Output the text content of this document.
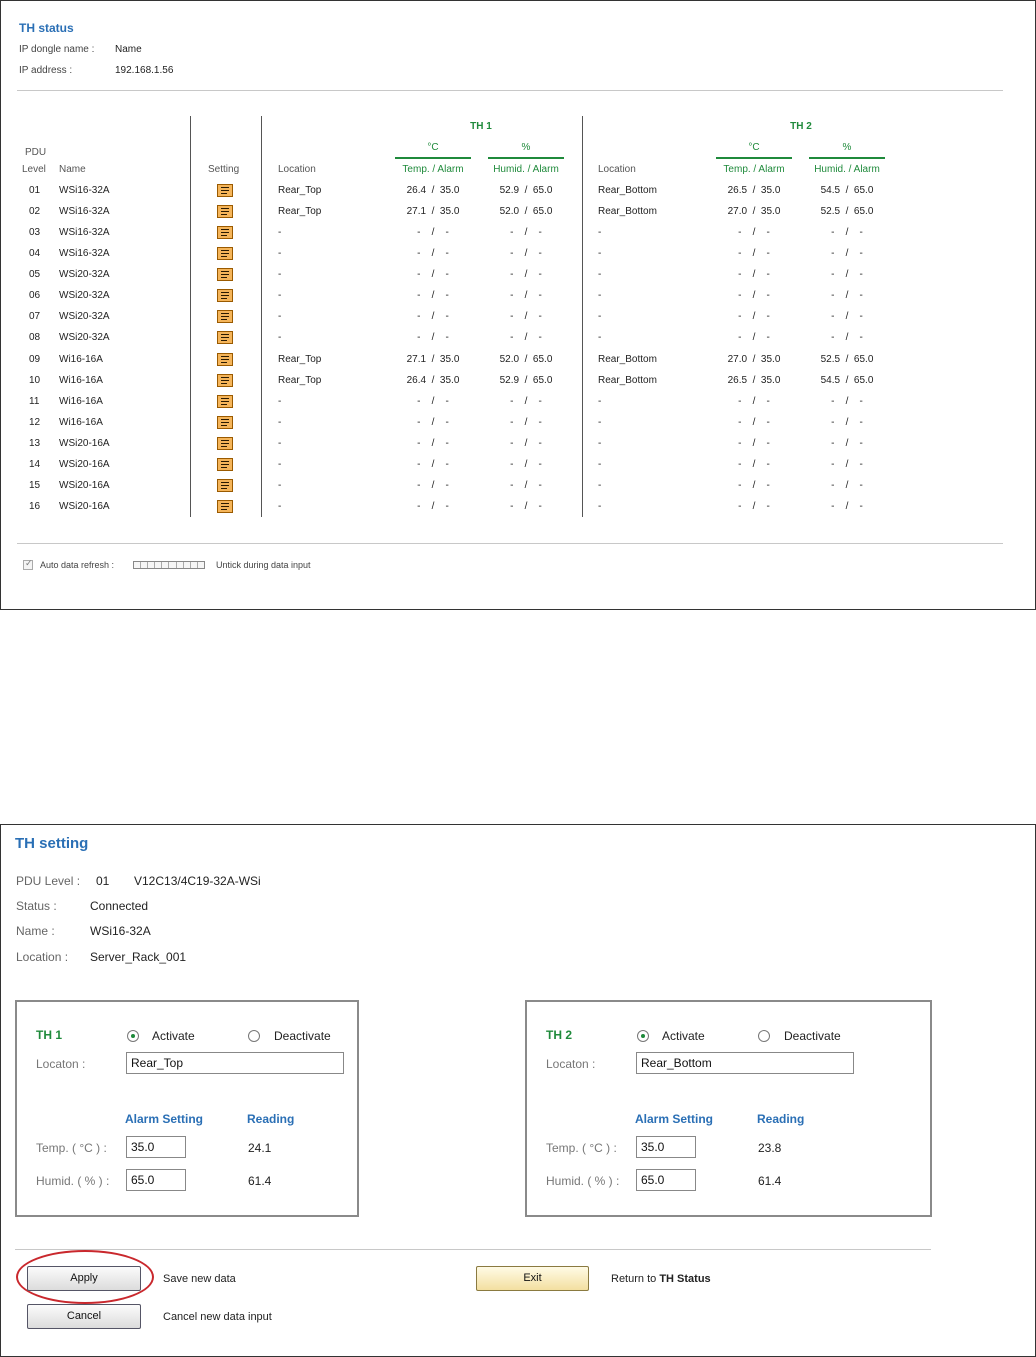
TH status
IP dongle name : Name
IP address :	192.168.1.56
PDU
Level Name	Setting
TH 1	TH 2
Location
°C
Temp. / Alarm
%
Humid. / Alarm	Location
°C
Temp. / Alarm
%
Humid. / Alarm
01	WSi16-32A	Rear_Top	26.4  /  35.0	52.9  /  65.0	Rear_Bottom	26.5  /  35.0	54.5  /  65.0
02	WSi16-32A	Rear_Top	27.1  /  35.0	52.0  /  65.0	Rear_Bottom	27.0  /  35.0	52.5  /  65.0
03	WSi16-32A	-	-    /    -	-    /    -	-	-    /    -	-    /    -
04	WSi16-32A	-	-    /    -	-    /    -	-	-    /    -	-    /    -
05	WSi20-32A	-	-    /    -	-    /    -	-	-    /    -	-    /    -
06	WSi20-32A	-	-    /    -	-    /    -	-	-    /    -	-    /    -
07	WSi20-32A	-	-    /    -	-    /    -	-	-    /    -	-    /    -
08	WSi20-32A	-	-    /    -	-    /    -	-	-    /    -	-    /    -
09	Wi16-16A	Rear_Top	27.1  /  35.0	52.0  /  65.0	Rear_Bottom	27.0  /  35.0	52.5  /  65.0
10	Wi16-16A	Rear_Top	26.4  /  35.0	52.9  /  65.0	Rear_Bottom	26.5  /  35.0	54.5  /  65.0
11	Wi16-16A	-	-    /    -	-    /    -	-	-    /    -	-    /    -
12	Wi16-16A	-	-    /    -	-    /    -	-	-    /    -	-    /    -
13	WSi20-16A	-	-    /    -	-    /    -	-	-    /    -	-    /    -
14	WSi20-16A	-	-    /    -	-    /    -	-	-    /    -	-    /    -
15	WSi20-16A	-	-    /    -	-    /    -	-	-    /    -	-    /    -
16	WSi20-16A	-	-    /    -	-    /    -	-	-    /    -	-    /    -
✓
Auto data refresh :	Untick during data input
TH setting
PDU Level : 01 V12C13/4C19-32A-WSi
Status :	Connected
Name :	WSi16-32A
Location : Server_Rack_001
TH 1	Activate	Deactivate
Locaton :
Rear_Top
Alarm Setting	Reading
Temp. ( °C ) :
35.0	24.1
Humid. ( % ) :
65.0	61.4
TH 2	Activate	Deactivate
Locaton :
Rear_Bottom
Alarm Setting	Reading
Temp. ( °C ) :
35.0	23.8
Humid. ( % ) :
65.0	61.4
Apply	Save new data
Cancel	Cancel new data input
Exit	Return to TH Status
